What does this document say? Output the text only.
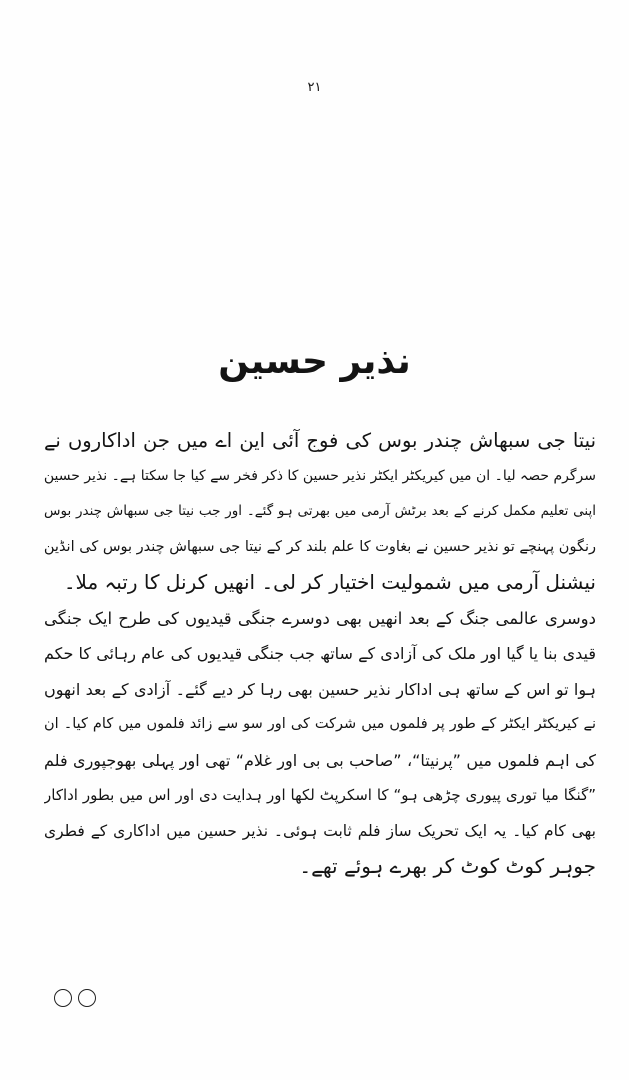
۲۱
نذیر حسین
نیتا جی سبھاش چندر بوس کی فوج آئی این اے میں جن اداکاروں نے
سرگرم حصہ لیا۔ ان میں کیریکٹر ایکٹر نذیر حسین کا ذکر فخر سے کیا جا سکتا ہے۔ نذیر حسین
اپنی تعلیم مکمل کرنے کے بعد برٹش آرمی میں بھرتی ہو گئے۔ اور جب نیتا جی سبھاش چندر بوس
رنگون پہنچے تو نذیر حسین نے بغاوت کا علم بلند کر کے نیتا جی سبھاش چندر بوس کی انڈین
نیشنل آرمی میں شمولیت اختیار کر لی۔ انھیں کرنل کا رتبہ ملا۔
دوسری عالمی جنگ کے بعد انھیں بھی دوسرے جنگی قیدیوں کی طرح ایک جنگی
قیدی بنا یا گیا اور ملک کی آزادی کے ساتھ جب جنگی قیدیوں کی عام رہائی کا حکم
ہوا تو اس کے ساتھ ہی اداکار نذیر حسین بھی رہا کر دیے گئے۔ آزادی کے بعد انھوں
نے کیریکٹر ایکٹر کے طور پر فلموں میں شرکت کی اور سو سے زائد فلموں میں کام کیا۔ ان
کی اہم فلموں میں ”پرنیتا“، ”صاحب بی بی اور غلام“ تھی اور پہلی بھوجپوری فلم
”گنگا میا توری پیوری چڑھی ہو“ کا اسکرپٹ لکھا اور ہدایت دی اور اس میں بطور اداکار
بھی کام کیا۔ یہ ایک تحریک ساز فلم ثابت ہوئی۔ نذیر حسین میں اداکاری کے فطری
جوہر کوٹ کوٹ کر بھرے ہوئے تھے۔
